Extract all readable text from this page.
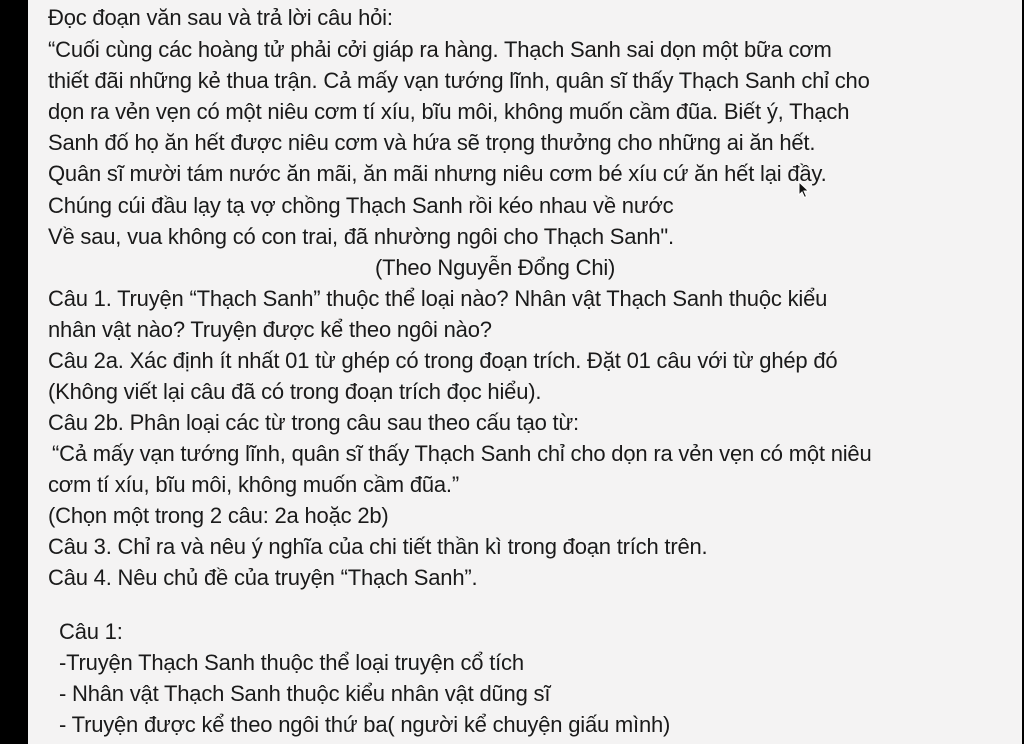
Đọc đoạn văn sau và trả lời câu hỏi:

“Cuối cùng các hoàng tử phải cởi giáp ra hàng. Thạch Sanh sai dọn một bữa cơm

thiết đãi những kẻ thua trận. Cả mấy vạn tướng lĩnh, quân sĩ thấy Thạch Sanh chỉ cho

dọn ra vẻn vẹn có một niêu cơm tí xíu, bĩu môi, không muốn cầm đũa. Biết ý, Thạch

Sanh đố họ ăn hết được niêu cơm và hứa sẽ trọng thưởng cho những ai ăn hết.

Quân sĩ mười tám nước ăn mãi, ăn mãi nhưng niêu cơm bé xíu cứ ăn hết lại đầy.

Chúng cúi đầu lạy tạ vợ chồng Thạch Sanh rồi kéo nhau về nước

Về sau, vua không có con trai, đã nhường ngôi cho Thạch Sanh".

(Theo Nguyễn Đổng Chi)

Câu 1. Truyện “Thạch Sanh” thuộc thể loại nào? Nhân vật Thạch Sanh thuộc kiểu

nhân vật nào? Truyện được kể theo ngôi nào?

Câu 2a. Xác định ít nhất 01 từ ghép có trong đoạn trích. Đặt 01 câu với từ ghép đó

(Không viết lại câu đã có trong đoạn trích đọc hiểu).

Câu 2b. Phân loại các từ trong câu sau theo cấu tạo từ:

“Cả mấy vạn tướng lĩnh, quân sĩ thấy Thạch Sanh chỉ cho dọn ra vẻn vẹn có một niêu

cơm tí xíu, bĩu môi, không muốn cầm đũa.”

(Chọn một trong 2 câu: 2a hoặc 2b)

Câu 3. Chỉ ra và nêu ý nghĩa của chi tiết thần kì trong đoạn trích trên.

Câu 4. Nêu chủ đề của truyện “Thạch Sanh”.

Câu 1:

-Truyện Thạch Sanh thuộc thể loại truyện cổ tích

- Nhân vật Thạch Sanh thuộc kiểu nhân vật dũng sĩ

- Truyện được kể theo ngôi thứ ba( người kể chuyện giấu mình)
